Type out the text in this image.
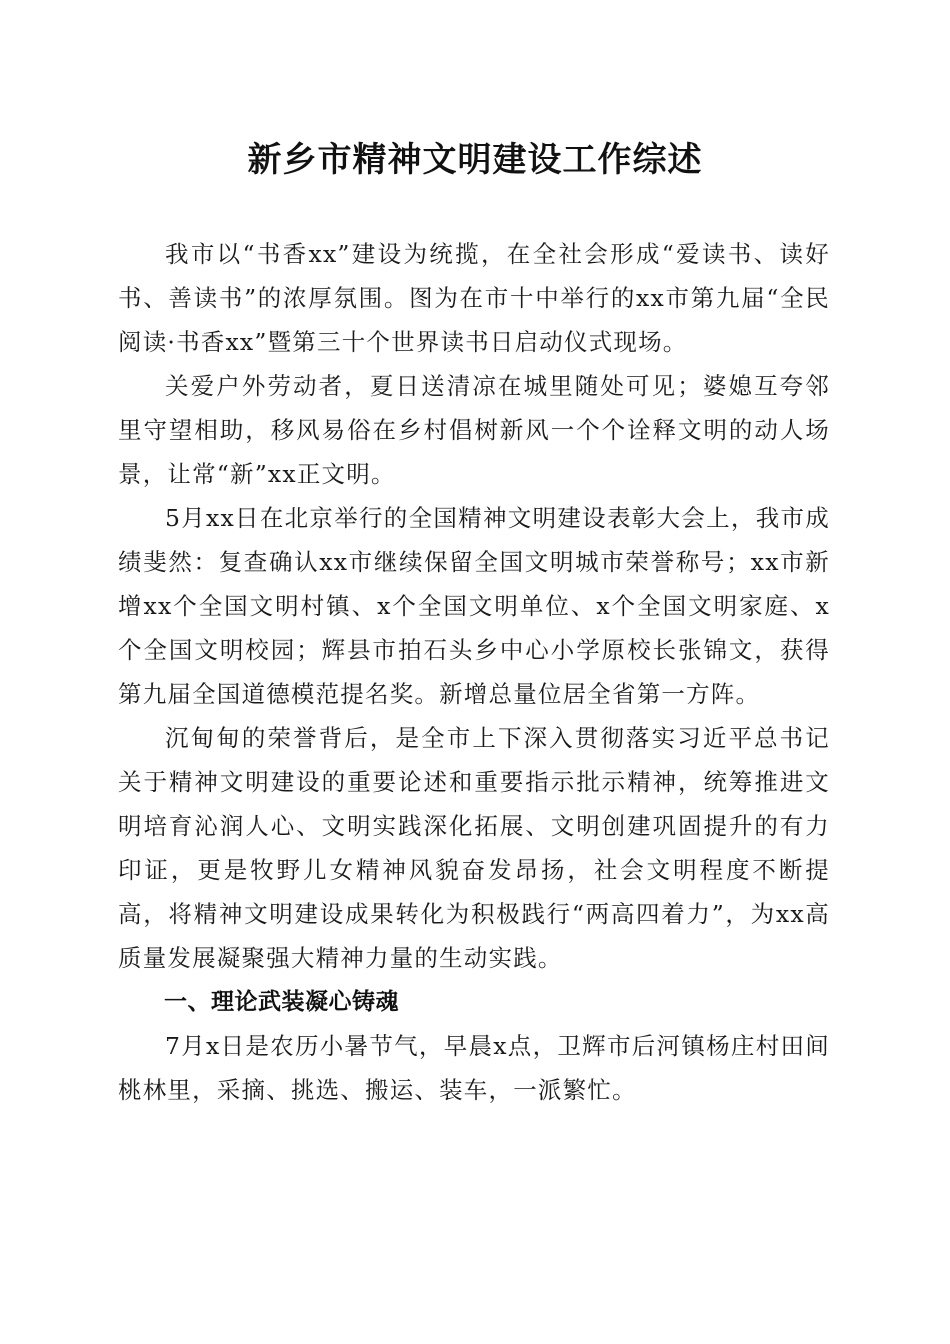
新乡市精神文明建设工作综述

我市以“书香xx”建设为统揽，在全社会形成“爱读书、读好书、善读书”的浓厚氛围。图为在市十中举行的xx市第九届“全民阅读·书香xx”暨第三十个世界读书日启动仪式现场。

关爱户外劳动者，夏日送清凉在城里随处可见；婆媳互夸邻里守望相助，移风易俗在乡村倡树新风一个个诠释文明的动人场景，让常“新”xx正文明。

5月xx日在北京举行的全国精神文明建设表彰大会上，我市成绩斐然：复查确认xx市继续保留全国文明城市荣誉称号；xx市新增xx个全国文明村镇、x个全国文明单位、x个全国文明家庭、x个全国文明校园；辉县市拍石头乡中心小学原校长张锦文，获得第九届全国道德模范提名奖。新增总量位居全省第一方阵。

沉甸甸的荣誉背后，是全市上下深入贯彻落实习近平总书记关于精神文明建设的重要论述和重要指示批示精神，统筹推进文明培育沁润人心、文明实践深化拓展、文明创建巩固提升的有力印证，更是牧野儿女精神风貌奋发昂扬，社会文明程度不断提高，将精神文明建设成果转化为积极践行“两高四着力”，为xx高质量发展凝聚强大精神力量的生动实践。

一、理论武装凝心铸魂

7月x日是农历小暑节气，早晨x点，卫辉市后河镇杨庄村田间桃林里，采摘、挑选、搬运、装车，一派繁忙。
